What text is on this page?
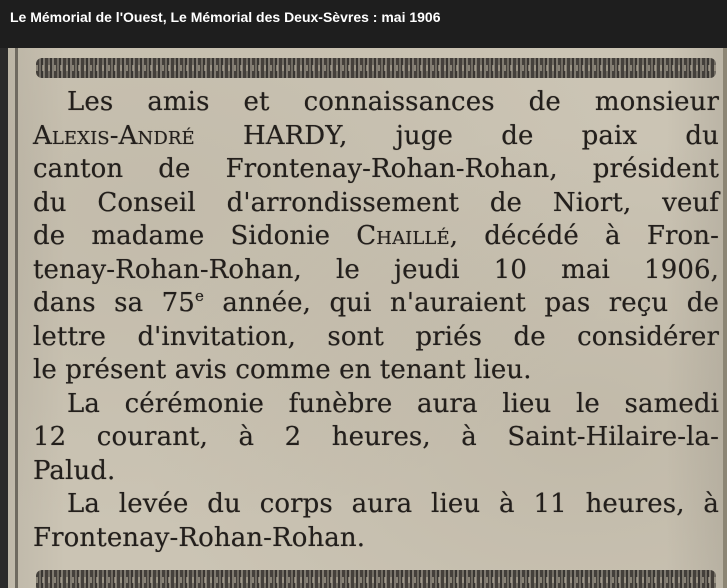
Le Mémorial de l'Ouest, Le Mémorial des Deux-Sèvres : mai 1906
Les amis et connaissances de monsieur
Alexis-André HARDY, juge de paix du
canton de Frontenay-Rohan-Rohan, président
du Conseil d'arrondissement de Niort, veuf
de madame Sidonie Chaillé, décédé à Fron-
tenay-Rohan-Rohan, le jeudi 10 mai 1906,
dans sa 75e année, qui n'auraient pas reçu de
lettre d'invitation, sont priés de considérer
le présent avis comme en tenant lieu.
La cérémonie funèbre aura lieu le samedi
12 courant, à 2 heures, à Saint-Hilaire-la-
Palud.
La levée du corps aura lieu à 11 heures, à
Frontenay-Rohan-Rohan.
